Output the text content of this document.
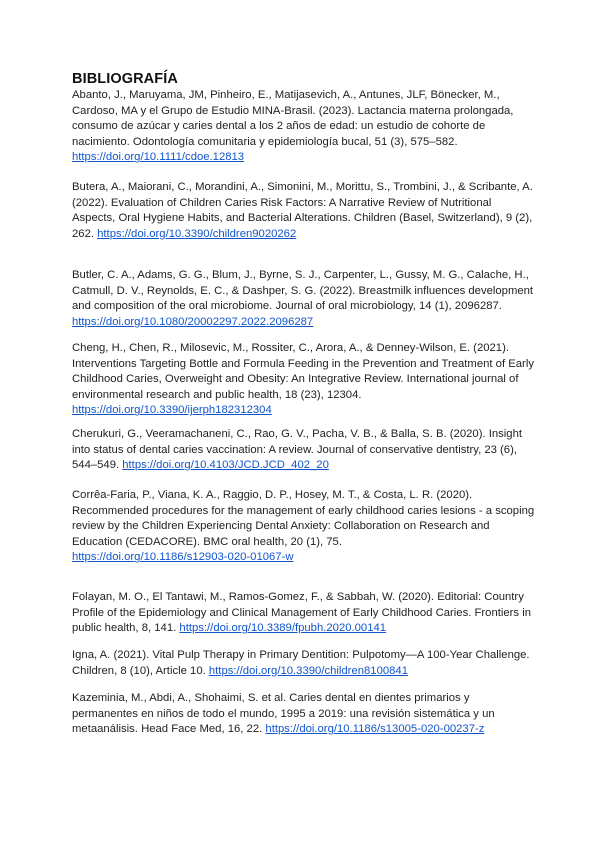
BIBLIOGRAFÍA
Abanto, J., Maruyama, JM, Pinheiro, E., Matijasevich, A., Antunes, JLF, Bönecker, M.,
Cardoso, MA y el Grupo de Estudio MINA-Brasil. (2023). Lactancia materna prolongada,
consumo de azúcar y caries dental a los 2 años de edad: un estudio de cohorte de
nacimiento. Odontología comunitaria y epidemiología bucal, 51 (3), 575–582.
https://doi.org/10.1111/cdoe.12813
Butera, A., Maiorani, C., Morandini, A., Simonini, M., Morittu, S., Trombini, J., & Scribante, A.
(2022). Evaluation of Children Caries Risk Factors: A Narrative Review of Nutritional
Aspects, Oral Hygiene Habits, and Bacterial Alterations. Children (Basel, Switzerland), 9 (2),
262. https://doi.org/10.3390/children9020262
Butler, C. A., Adams, G. G., Blum, J., Byrne, S. J., Carpenter, L., Gussy, M. G., Calache, H.,
Catmull, D. V., Reynolds, E. C., & Dashper, S. G. (2022). Breastmilk influences development
and composition of the oral microbiome. Journal of oral microbiology, 14 (1), 2096287.
https://doi.org/10.1080/20002297.2022.2096287
Cheng, H., Chen, R., Milosevic, M., Rossiter, C., Arora, A., & Denney-Wilson, E. (2021).
Interventions Targeting Bottle and Formula Feeding in the Prevention and Treatment of Early
Childhood Caries, Overweight and Obesity: An Integrative Review. International journal of
environmental research and public health, 18 (23), 12304.
https://doi.org/10.3390/ijerph182312304
Cherukuri, G., Veeramachaneni, C., Rao, G. V., Pacha, V. B., & Balla, S. B. (2020). Insight
into status of dental caries vaccination: A review. Journal of conservative dentistry, 23 (6),
544–549. https://doi.org/10.4103/JCD.JCD_402_20
Corrêa-Faria, P., Viana, K. A., Raggio, D. P., Hosey, M. T., & Costa, L. R. (2020).
Recommended procedures for the management of early childhood caries lesions - a scoping
review by the Children Experiencing Dental Anxiety: Collaboration on Research and
Education (CEDACORE). BMC oral health, 20 (1), 75.
https://doi.org/10.1186/s12903-020-01067-w
Folayan, M. O., El Tantawi, M., Ramos-Gomez, F., & Sabbah, W. (2020). Editorial: Country
Profile of the Epidemiology and Clinical Management of Early Childhood Caries. Frontiers in
public health, 8, 141. https://doi.org/10.3389/fpubh.2020.00141
Igna, A. (2021). Vital Pulp Therapy in Primary Dentition: Pulpotomy—A 100-Year Challenge.
Children, 8 (10), Article 10. https://doi.org/10.3390/children8100841
Kazeminia, M., Abdi, A., Shohaimi, S. et al. Caries dental en dientes primarios y
permanentes en niños de todo el mundo, 1995 a 2019: una revisión sistemática y un
metaanálisis. Head Face Med, 16, 22. https://doi.org/10.1186/s13005-020-00237-z
